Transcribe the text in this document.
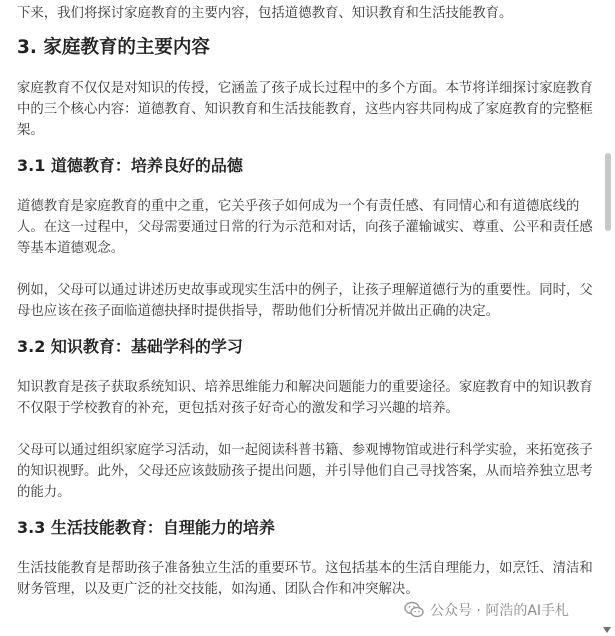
下来，我们将探讨家庭教育的主要内容，包括道德教育、知识教育和生活技能教育。

3. 家庭教育的主要内容

家庭教育不仅仅是对知识的传授，它涵盖了孩子成长过程中的多个方面。本节将详细探讨家庭教育中的三个核心内容：道德教育、知识教育和生活技能教育，这些内容共同构成了家庭教育的完整框架。

3.1 道德教育：培养良好的品德

道德教育是家庭教育的重中之重，它关乎孩子如何成为一个有责任感、有同情心和有道德底线的人。在这一过程中，父母需要通过日常的行为示范和对话，向孩子灌输诚实、尊重、公平和责任感等基本道德观念。

例如，父母可以通过讲述历史故事或现实生活中的例子，让孩子理解道德行为的重要性。同时，父母也应该在孩子面临道德抉择时提供指导，帮助他们分析情况并做出正确的决定。

3.2 知识教育：基础学科的学习

知识教育是孩子获取系统知识、培养思维能力和解决问题能力的重要途径。家庭教育中的知识教育不仅限于学校教育的补充，更包括对孩子好奇心的激发和学习兴趣的培养。

父母可以通过组织家庭学习活动，如一起阅读科普书籍、参观博物馆或进行科学实验，来拓宽孩子的知识视野。此外，父母还应该鼓励孩子提出问题，并引导他们自己寻找答案，从而培养独立思考的能力。

3.3 生活技能教育：自理能力的培养

生活技能教育是帮助孩子准备独立生活的重要环节。这包括基本的生活自理能力，如烹饪、清洁和财务管理，以及更广泛的社交技能，如沟通、团队合作和冲突解决。

公众号 · 阿浩的AI手札
